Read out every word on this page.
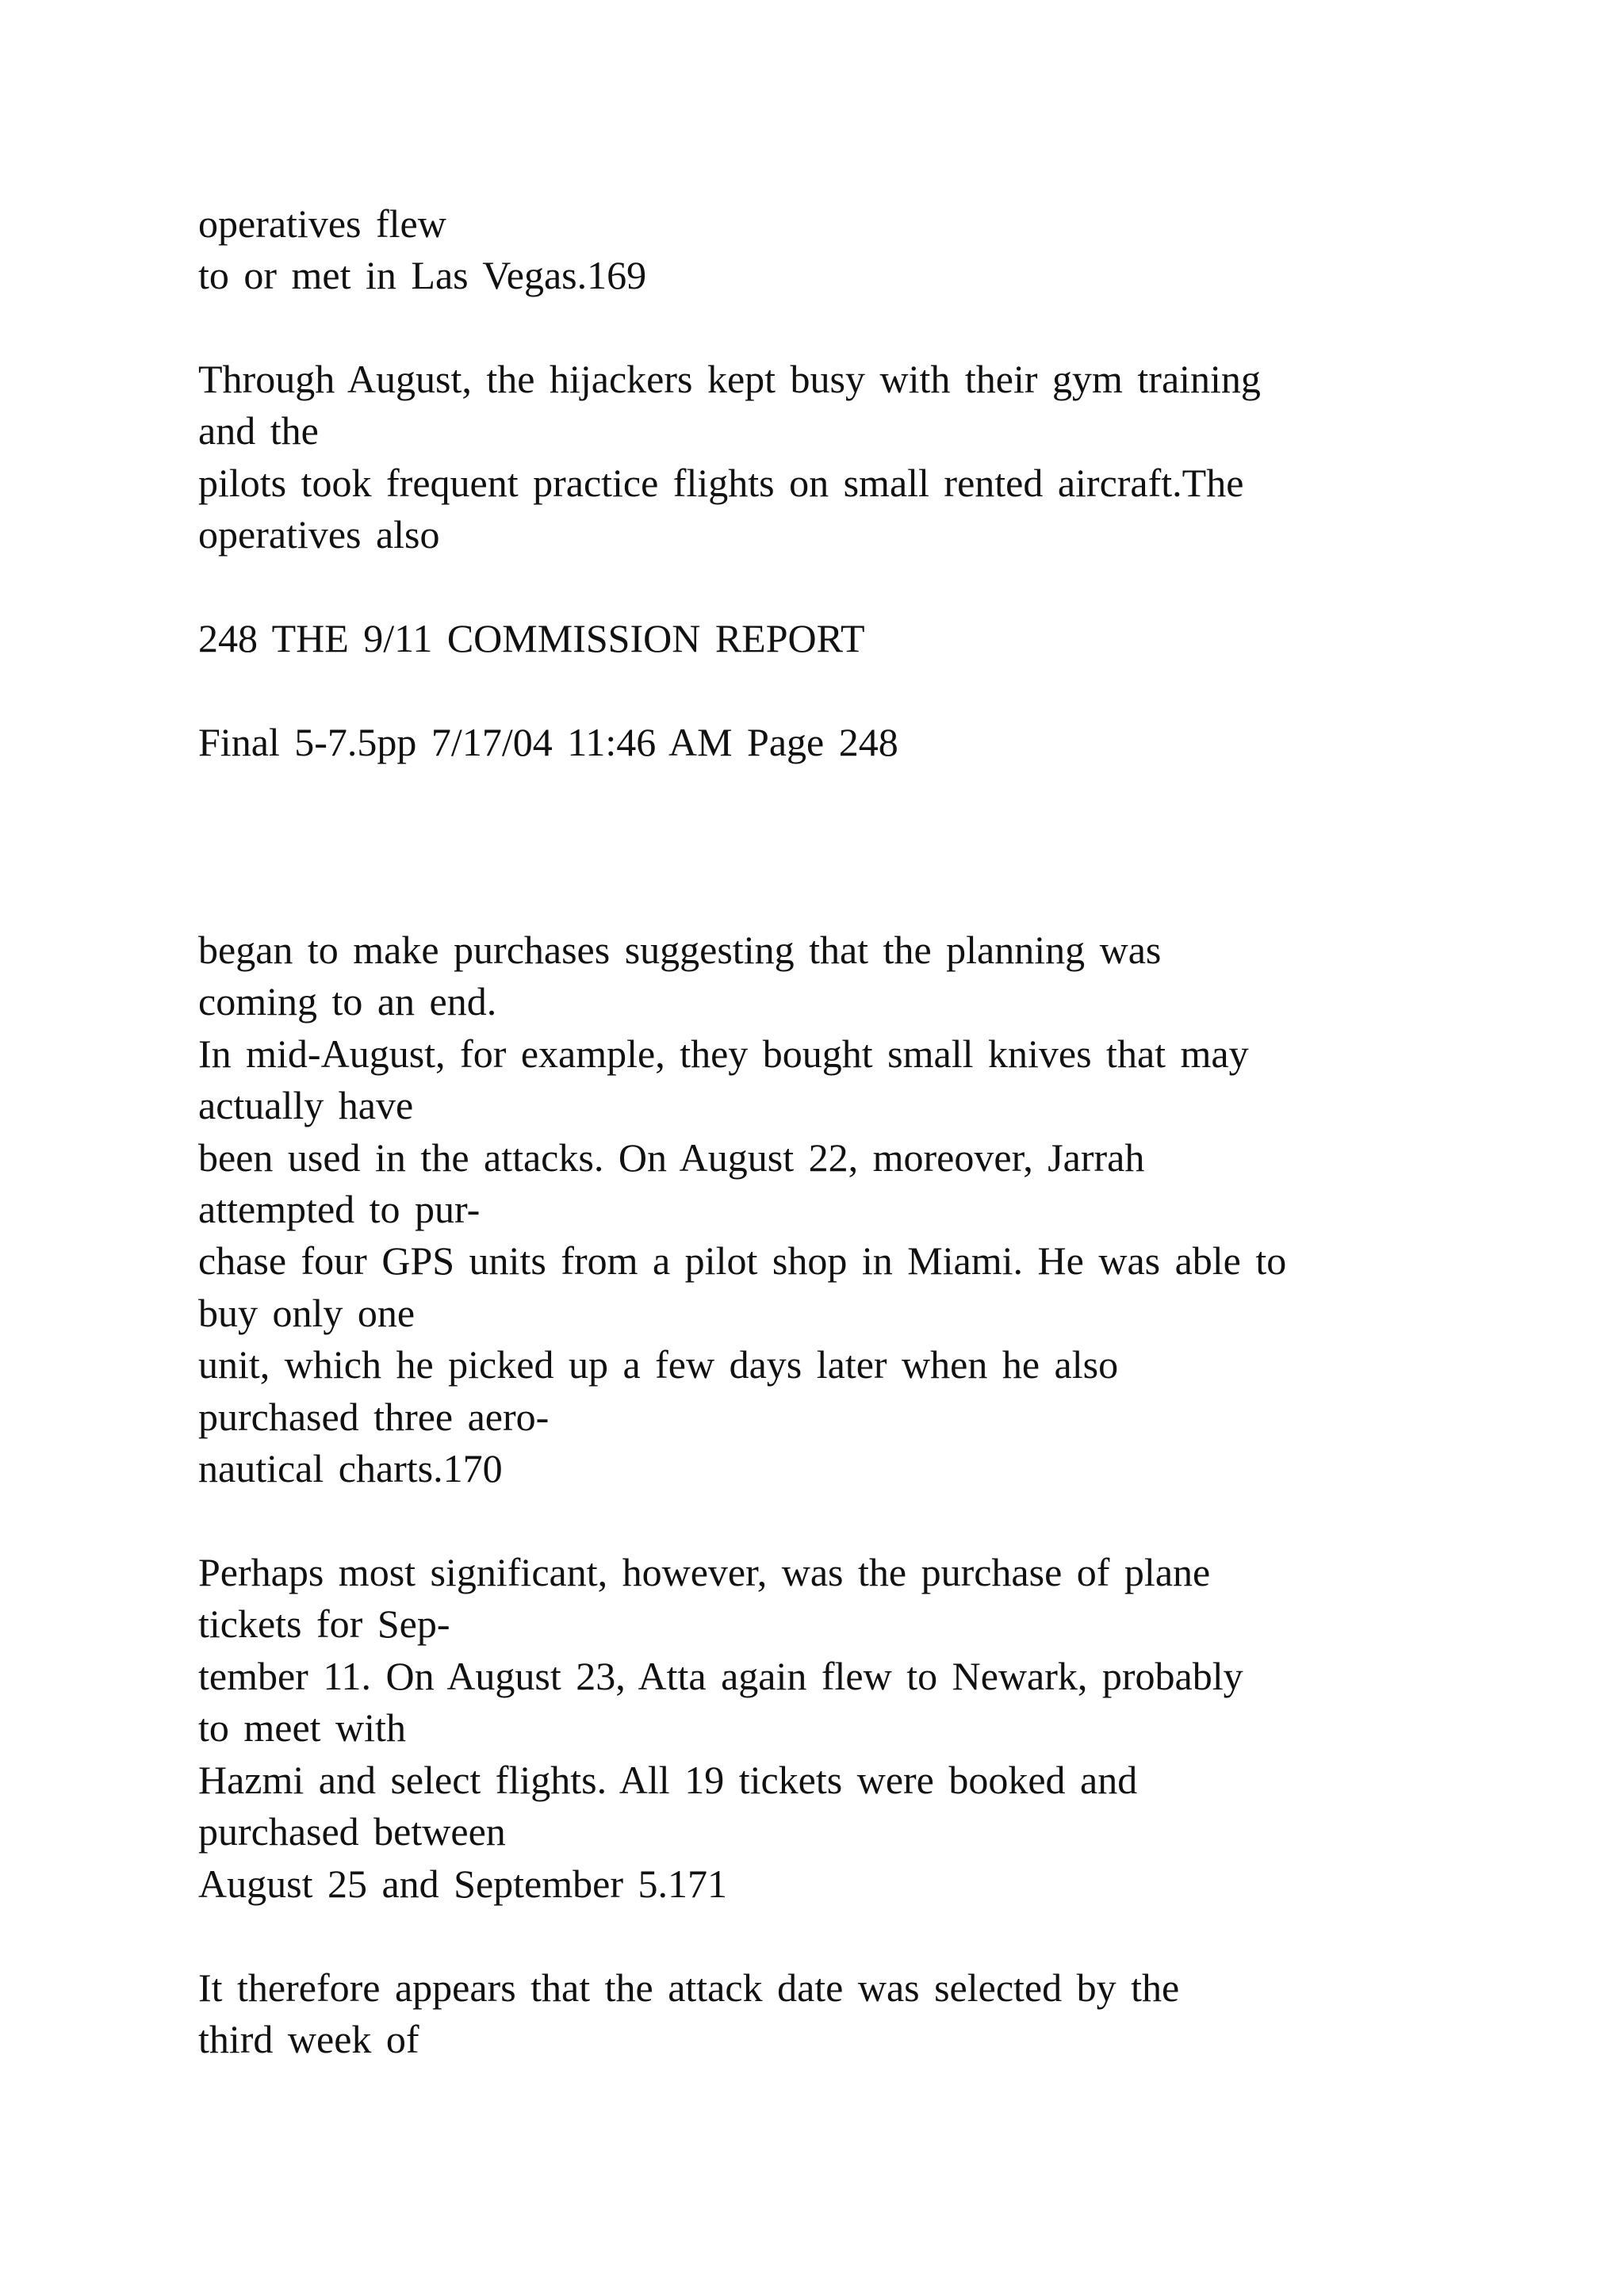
operatives flew

to or met in Las Vegas.169

Through August, the hijackers kept busy with their gym training

and the

pilots took frequent practice flights on small rented aircraft.The

operatives also

248 THE 9/11 COMMISSION REPORT

Final 5-7.5pp 7/17/04 11:46 AM Page 248

began to make purchases suggesting that the planning was

coming to an end.

In mid-August, for example, they bought small knives that may

actually have

been used in the attacks. On August 22, moreover, Jarrah

attempted to pur-

chase four GPS units from a pilot shop in Miami. He was able to

buy only one

unit, which he picked up a few days later when he also

purchased three aero-

nautical charts.170

Perhaps most significant, however, was the purchase of plane

tickets for Sep-

tember 11. On August 23, Atta again flew to Newark, probably

to meet with

Hazmi and select flights. All 19 tickets were booked and

purchased between

August 25 and September 5.171

It therefore appears that the attack date was selected by the

third week of
